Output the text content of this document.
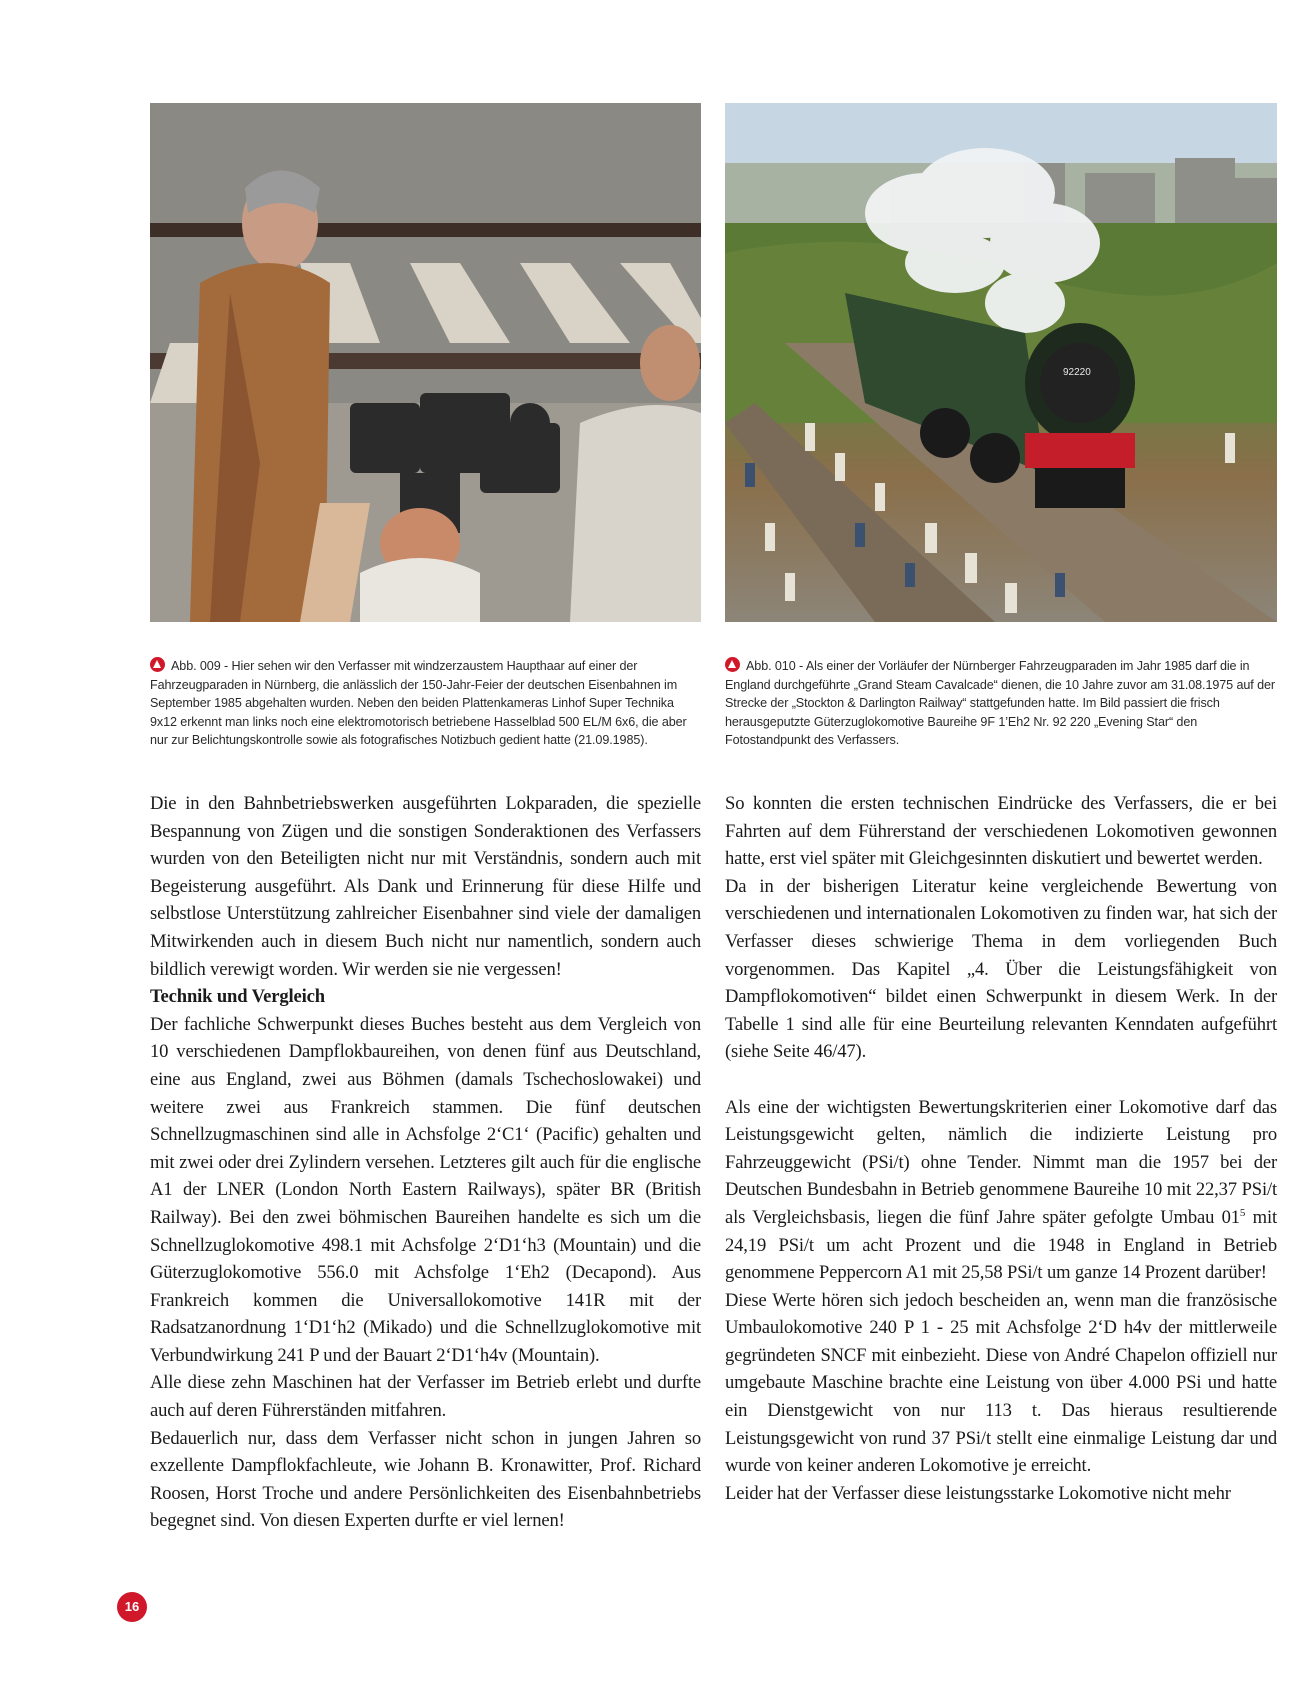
92220
Abb. 009 - Hier sehen wir den Verfasser mit windzerzaustem Haupthaar auf einer der Fahrzeugparaden in Nürnberg, die anlässlich der 150-Jahr-Feier der deutschen Eisenbahnen im September 1985 abgehalten wurden. Neben den beiden Plattenkameras Linhof Super Technika 9x12 erkennt man links noch eine elektromotorisch betriebene Hasselblad 500 EL/M 6x6, die aber nur zur Belichtungskontrolle sowie als fotografisches Notizbuch gedient hatte (21.09.1985).
Abb. 010 - Als einer der Vorläufer der Nürnberger Fahrzeugparaden im Jahr 1985 darf die in England durchgeführte „Grand Steam Cavalcade“ dienen, die 10 Jahre zuvor am 31.08.1975 auf der Strecke der „Stockton & Darlington Railway“ stattgefunden hatte. Im Bild passiert die frisch herausgeputzte Güterzuglokomotive Baureihe 9F 1’Eh2 Nr. 92 220 „Evening Star“ den Fotostandpunkt des Verfassers.

Die in den Bahnbetriebswerken ausgeführten Lokparaden, die spezielle Bespannung von Zügen und die sonstigen Sonderaktionen des Verfassers wurden von den Beteiligten nicht nur mit Verständnis, sondern auch mit Begeisterung ausgeführt. Als Dank und Erinnerung für diese Hilfe und selbstlose Unterstützung zahlreicher Eisenbahner sind viele der damaligen Mitwirkenden auch in diesem Buch nicht nur namentlich, sondern auch bildlich verewigt worden. Wir werden sie nie vergessen!

Technik und Vergleich

Der fachliche Schwerpunkt dieses Buches besteht aus dem Vergleich von 10 verschiedenen Dampflokbaureihen, von denen fünf aus Deutschland, eine aus England, zwei aus Böhmen (damals Tschechoslowakei) und weitere zwei aus Frankreich stammen. Die fünf deutschen Schnellzugmaschinen sind alle in Achsfolge 2‘C1‘ (Pacific) gehalten und mit zwei oder drei Zylindern versehen. Letzteres gilt auch für die englische A1 der LNER (London North Eastern Railways), später BR (British Railway). Bei den zwei böhmischen Baureihen handelte es sich um die Schnellzuglokomotive 498.1 mit Achsfolge 2‘D1‘h3 (Mountain) und die Güterzuglokomotive 556.0 mit Achsfolge 1‘Eh2 (Decapond). Aus Frankreich kommen die Universallokomotive 141R mit der Radsatzanordnung 1‘D1‘h2 (Mikado) und die Schnellzuglokomotive mit Verbundwirkung 241 P und der Bauart 2‘D1‘h4v (Mountain).

Alle diese zehn Maschinen hat der Verfasser im Betrieb erlebt und durfte auch auf deren Führerständen mitfahren.

Bedauerlich nur, dass dem Verfasser nicht schon in jungen Jahren so exzellente Dampflokfachleute, wie Johann B. Kronawitter, Prof. Richard Roosen, Horst Troche und andere Persönlichkeiten des Eisenbahnbetriebs begegnet sind. Von diesen Experten durfte er viel lernen!

So konnten die ersten technischen Eindrücke des Verfassers, die er bei Fahrten auf dem Führerstand der verschiedenen Lokomotiven gewonnen hatte, erst viel später mit Gleichgesinnten diskutiert und bewertet werden.

Da in der bisherigen Literatur keine vergleichende Bewertung von verschiedenen und internationalen Lokomotiven zu finden war, hat sich der Verfasser dieses schwierige Thema in dem vorliegenden Buch vorgenommen. Das Kapitel „4. Über die Leistungsfähigkeit von Dampflokomotiven“ bildet einen Schwerpunkt in diesem Werk. In der Tabelle 1 sind alle für eine Beurteilung relevanten Kenndaten aufgeführt (siehe Seite 46/47).

Als eine der wichtigsten Bewertungskriterien einer Lokomotive darf das Leistungsgewicht gelten, nämlich die indizierte Leistung pro Fahrzeuggewicht (PSi/t) ohne Tender. Nimmt man die 1957 bei der Deutschen Bundesbahn in Betrieb genommene Baureihe 10 mit 22,37 PSi/t als Vergleichsbasis, liegen die fünf Jahre später gefolgte Umbau $01^5$ mit 24,19 PSi/t um acht Prozent und die 1948 in England in Betrieb genommene Peppercorn A1 mit 25,58 PSi/t um ganze 14 Prozent darüber!

Diese Werte hören sich jedoch bescheiden an, wenn man die französische Umbaulokomotive 240 P 1 - 25 mit Achsfolge 2‘D h4v der mittlerweile gegründeten SNCF mit einbezieht. Diese von André Chapelon offiziell nur umgebaute Maschine brachte eine Leistung von über 4.000 PSi und hatte ein Dienstgewicht von nur 113 t. Das hieraus resultierende Leistungsgewicht von rund 37 PSi/t stellt eine einmalige Leistung dar und wurde von keiner anderen Lokomotive je erreicht.

Leider hat der Verfasser diese leistungsstarke Lokomotive nicht mehr

16
